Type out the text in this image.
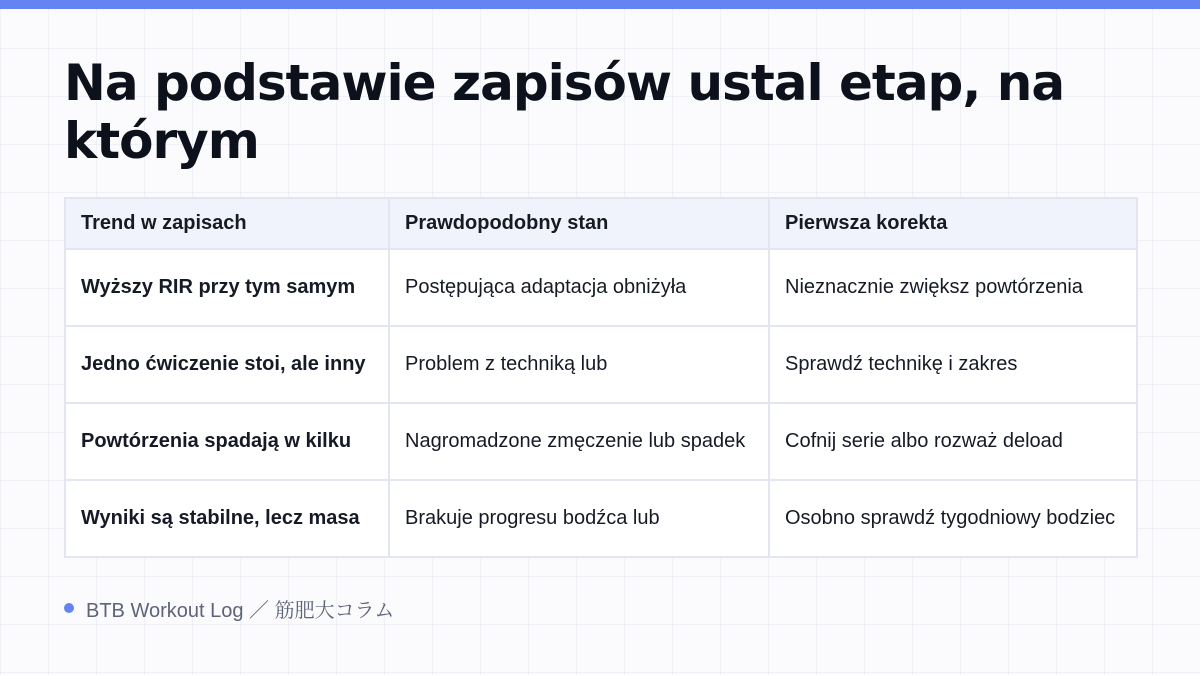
Na podstawie zapisów ustal etap, na którym
Trend w zapisach	Prawdopodobny stan	Pierwsza korekta
Wyższy RIR przy tym samym	Postępująca adaptacja obniżyła	Nieznacznie zwiększ powtórzenia
Jedno ćwiczenie stoi, ale inny	Problem z techniką lub	Sprawdź technikę i zakres
Powtórzenia spadają w kilku	Nagromadzone zmęczenie lub spadek	Cofnij serie albo rozważ deload
Wyniki są stabilne, lecz masa	Brakuje progresu bodźca lub	Osobno sprawdź tygodniowy bodziec
BTB Workout Log ／ 筋肥大コラム
